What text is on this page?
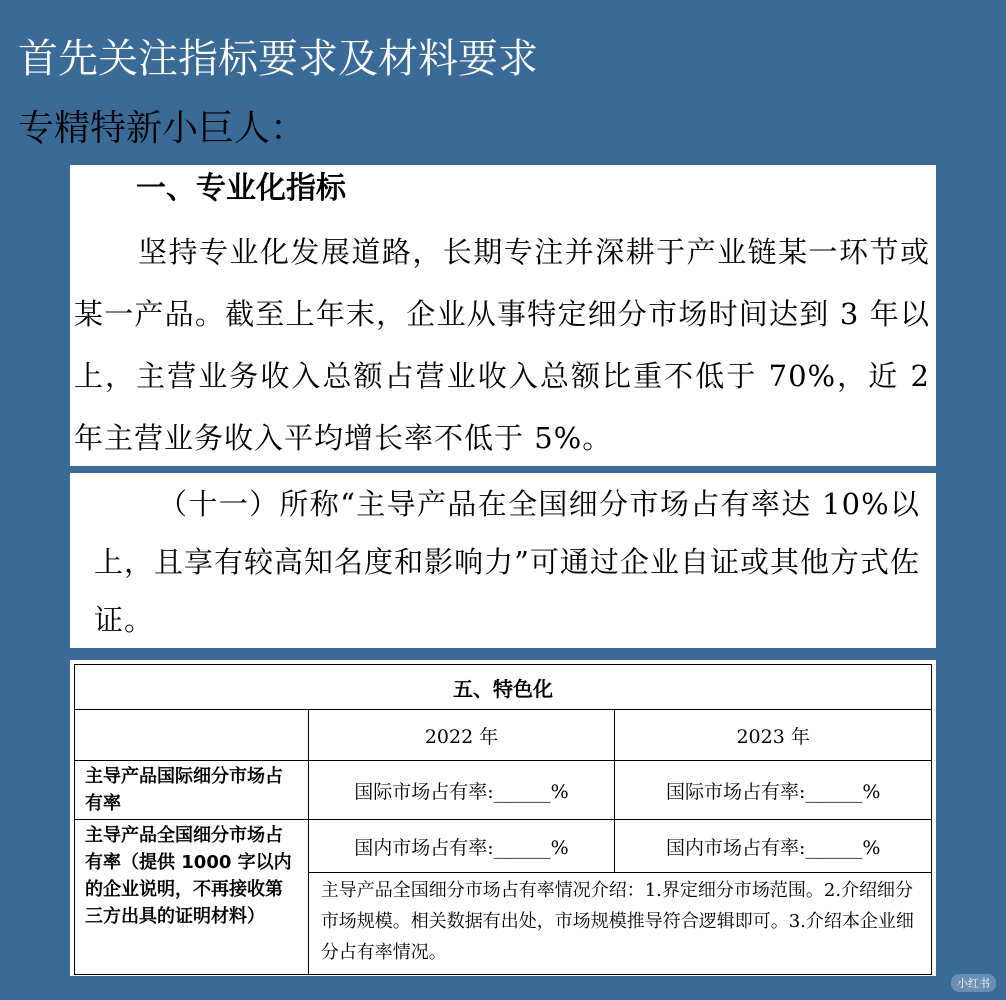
首先关注指标要求及材料要求
专精特新小巨人：
一、专业化指标

坚持专业化发展道路，长期专注并深耕于产业链某一环节或某一产品。截至上年末，企业从事特定细分市场时间达到 3 年以上，主营业务收入总额占营业收入总额比重不低于 70%，近 2 年主营业务收入平均增长率不低于 5%。

（十一）所称“主导产品在全国细分市场占有率达 10%以上，且享有较高知名度和影响力”可通过企业自证或其他方式佐证。

五、特色化		
	2022 年	2023 年
主导产品国际细分市场占有率	国际市场占有率:______%	国际市场占有率:______%
主导产品全国细分市场占有率（提供 1000 字以内的企业说明，不再接收第三方出具的证明材料）	国内市场占有率:______%	国内市场占有率:______%
	主导产品全国细分市场占有率情况介绍：1.界定细分市场范围。2.介绍细分市场规模。相关数据有出处，市场规模推导符合逻辑即可。3.介绍本企业细分占有率情况。	
小红书
